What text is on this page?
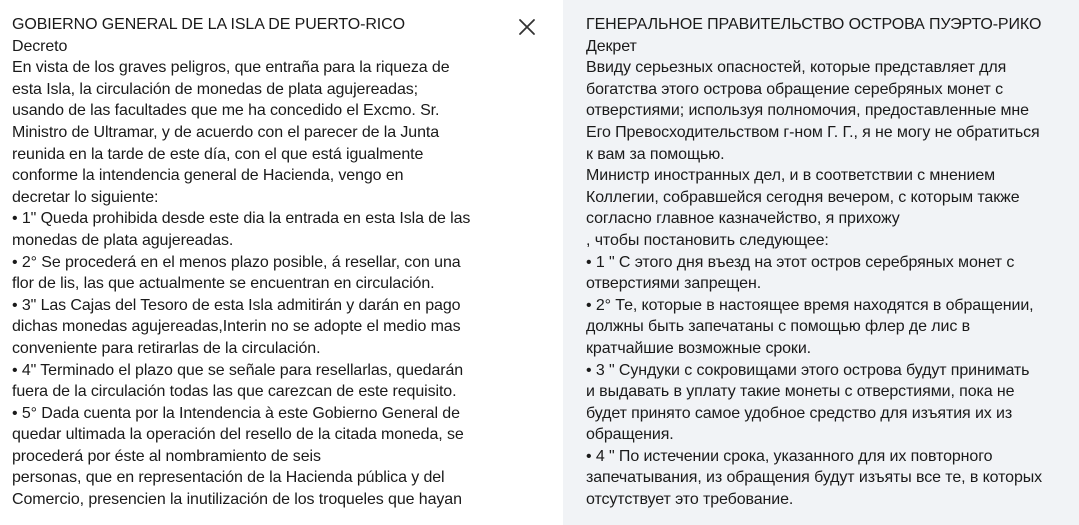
GOBIERNO GENERAL DE LA ISLA DE PUERTO-RICO
Decreto
En vista de los graves peligros, que entraña para la riqueza de
esta Isla, la circulación de monedas de plata agujereadas;
usando de las facultades que me ha concedido el Excmo. Sr.
Ministro de Ultramar, y de acuerdo con el parecer de la Junta
reunida en la tarde de este día, con el que está igualmente
conforme la intendencia general de Hacienda, vengo en
decretar lo siguiente:
• 1" Queda prohibida desde este dia la entrada en esta Isla de las
monedas de plata agujereadas.
• 2° Se procederá en el menos plazo posible, á resellar, con una
flor de lis, las que actualmente se encuentran en circulación.
• 3" Las Cajas del Tesoro de esta Isla admitirán y darán en pago
dichas monedas agujereadas,Interin no se adopte el medio mas
conveniente para retirarlas de la circulación.
• 4" Terminado el plazo que se señale para resellarlas, quedarán
fuera de la circulación todas las que carezcan de este requisito.
• 5° Dada cuenta por la Intendencia à este Gobierno General de
quedar ultimada la operación del resello de la citada moneda, se
procederá por éste al nombramiento de seis
personas, que en representación de la Hacienda pública y del
Comercio, presencien la inutilización de los troqueles que hayan
ГЕНЕРАЛЬНОЕ ПРАВИТЕЛЬСТВО ОСТРОВА ПУЭРТО-РИКО
Декрет
Ввиду серьезных опасностей, которые представляет для
богатства этого острова обращение серебряных монет с
отверстиями; используя полномочия, предоставленные мне
Его Превосходительством г-ном Г. Г., я не могу не обратиться
к вам за помощью.
Министр иностранных дел, и в соответствии с мнением
Коллегии, собравшейся сегодня вечером, с которым также
согласно главное казначейство, я прихожу
, чтобы постановить следующее:
• 1 " С этого дня въезд на этот остров серебряных монет с
отверстиями запрещен.
• 2° Те, которые в настоящее время находятся в обращении,
должны быть запечатаны с помощью флер де лис в
кратчайшие возможные сроки.
• 3 " Сундуки с сокровищами этого острова будут принимать
и выдавать в уплату такие монеты с отверстиями, пока не
будет принято самое удобное средство для изъятия их из
обращения.
• 4 " По истечении срока, указанного для их повторного
запечатывания, из обращения будут изъяты все те, в которых
отсутствует это требование.
